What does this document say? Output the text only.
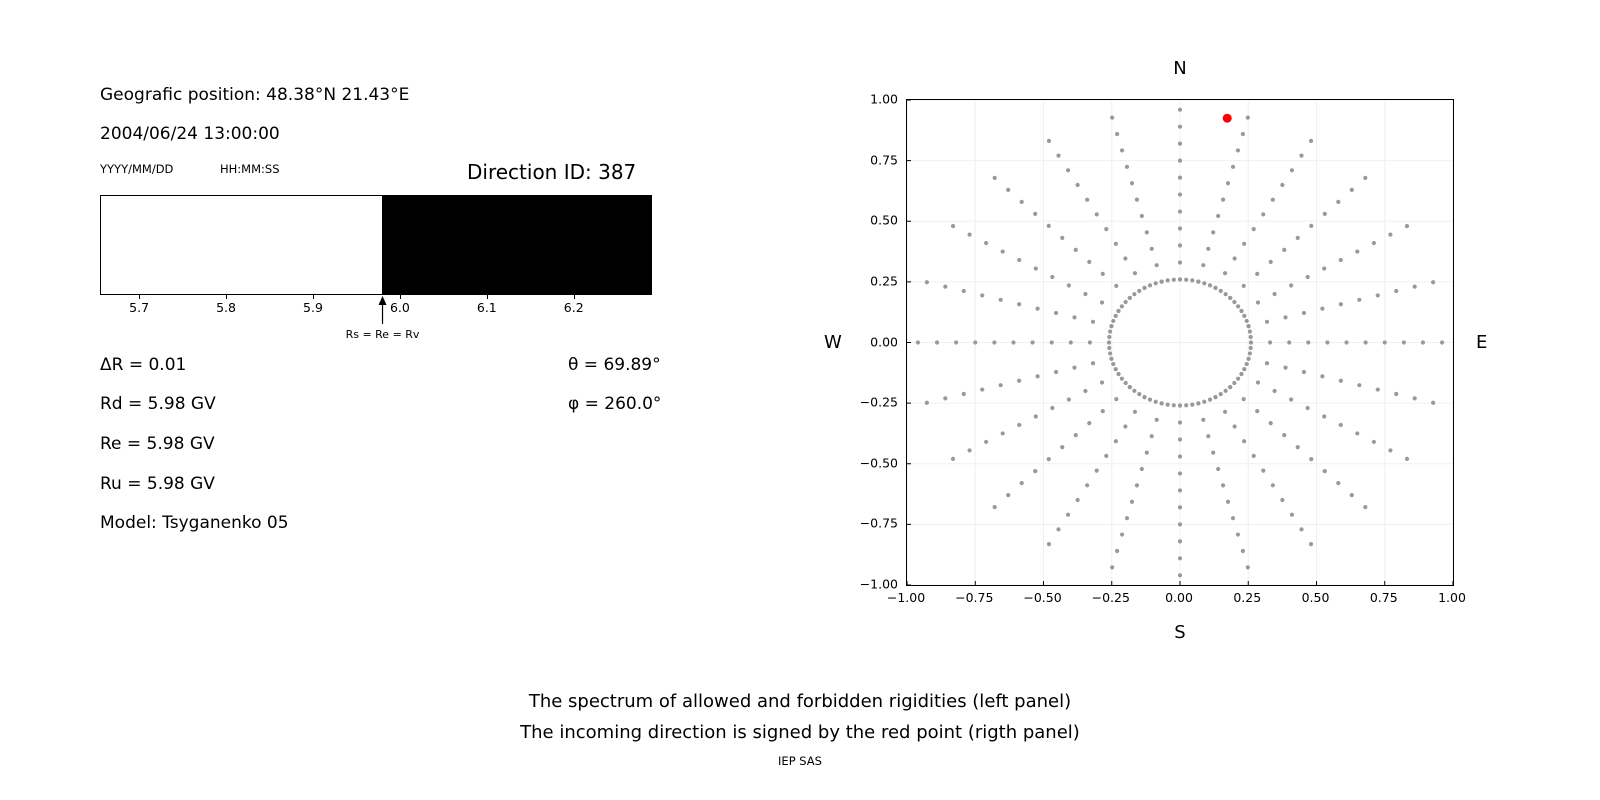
Geografic position: 48.38°N 21.43°E
2004/06/24 13:00:00
YYYY/MM/DD	HH:MM:SS	Direction ID: 387
5.7	5.8	5.9	6.0	6.1	6.2
Rs = Re = Rv
ΔR = 0.01
Rd = 5.98 GV
Re = 5.98 GV
Ru = 5.98 GV
Model: Tsyganenko 05
θ = 69.89°
φ = 260.0°
N
S
W	E
−1.00 −0.75 −0.50 −0.25	0.00	0.25	0.50	0.75	1.00
−1.00
−0.75
−0.50
−0.25
0.00
0.25
0.50
0.75
1.00
The spectrum of allowed and forbidden rigidities (left panel)
The incoming direction is signed by the red point (rigth panel)
IEP SAS
